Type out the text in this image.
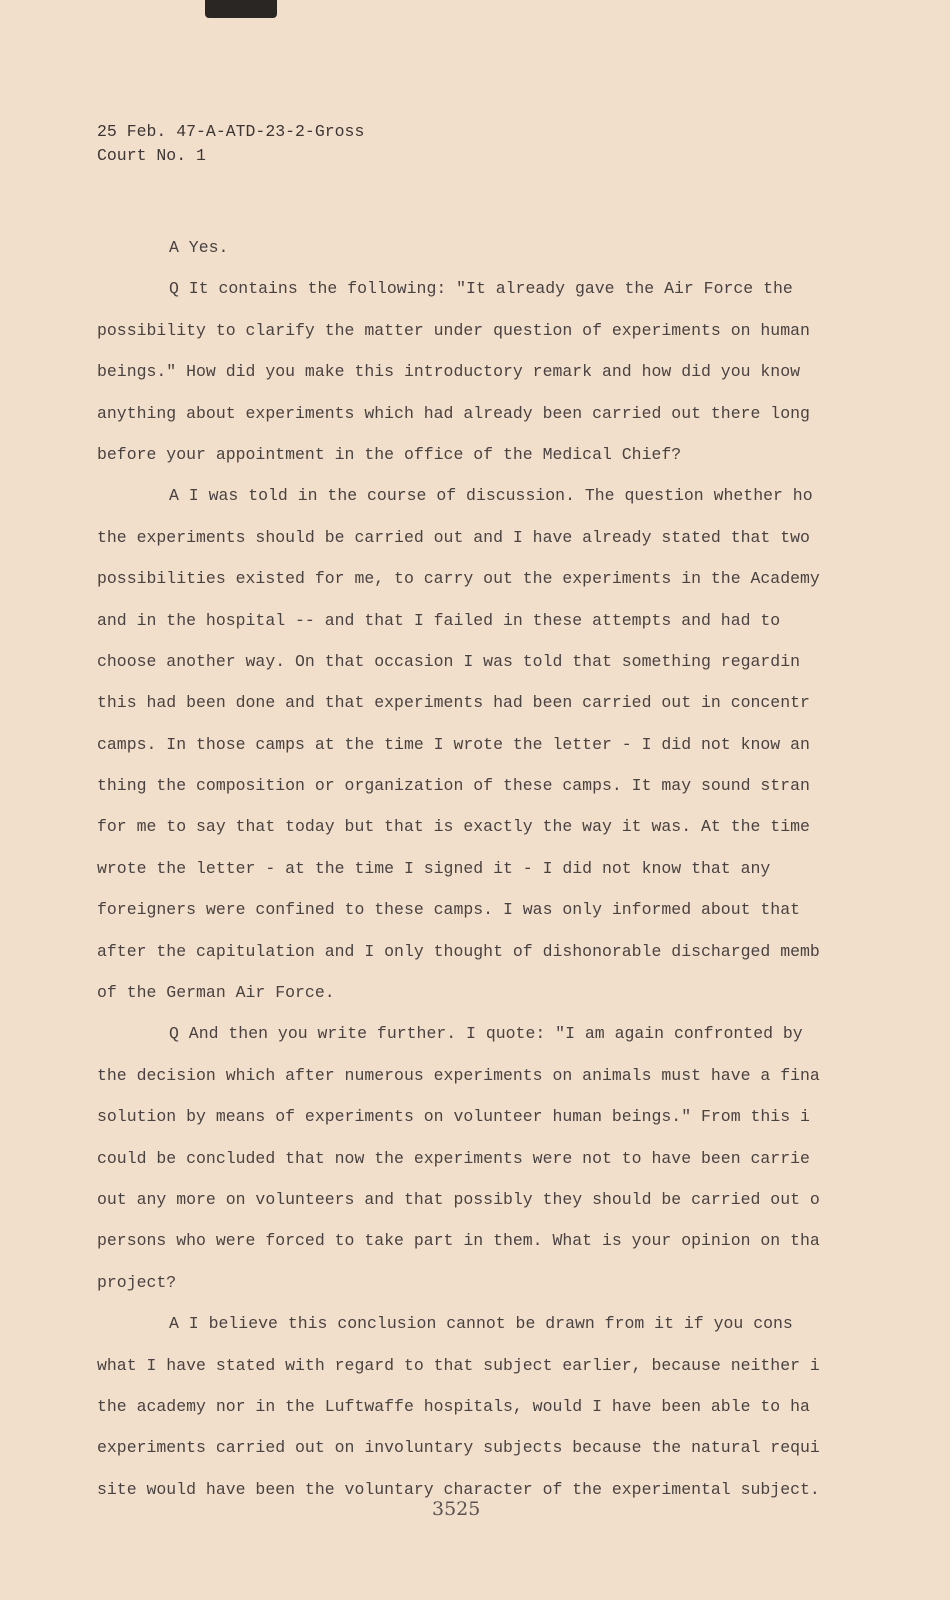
25 Feb. 47-A-ATD-23-2-Gross
Court No. 1
A Yes.
Q It contains the following: "It already gave the Air Force the
possibility to clarify the matter under question of experiments on human
beings." How did you make this introductory remark and how did you know
anything about experiments which had already been carried out there long
before your appointment in the office of the Medical Chief?
A I was told in the course of discussion. The question whether ho
the experiments should be carried out and I have already stated that two
possibilities existed for me, to carry out the experiments in the Academy
and in the hospital -- and that I failed in these attempts and had to
choose another way. On that occasion I was told that something regardin
this had been done and that experiments had been carried out in concentr
camps. In those camps at the time I wrote the letter - I did not know an
thing the composition or organization of these camps. It may sound stran
for me to say that today but that is exactly the way it was. At the time
wrote the letter - at the time I signed it - I did not know that any
foreigners were confined to these camps. I was only informed about that
after the capitulation and I only thought of dishonorable discharged memb
of the German Air Force.
Q And then you write further. I quote: "I am again confronted by
the decision which after numerous experiments on animals must have a fina
solution by means of experiments on volunteer human beings." From this i
could be concluded that now the experiments were not to have been carrie
out any more on volunteers and that possibly they should be carried out o
persons who were forced to take part in them. What is your opinion on tha
project?
A I believe this conclusion cannot be drawn from it if you cons
what I have stated with regard to that subject earlier, because neither i
the academy nor in the Luftwaffe hospitals, would I have been able to ha
experiments carried out on involuntary subjects because the natural requi
site would have been the voluntary character of the experimental subject.
3525
